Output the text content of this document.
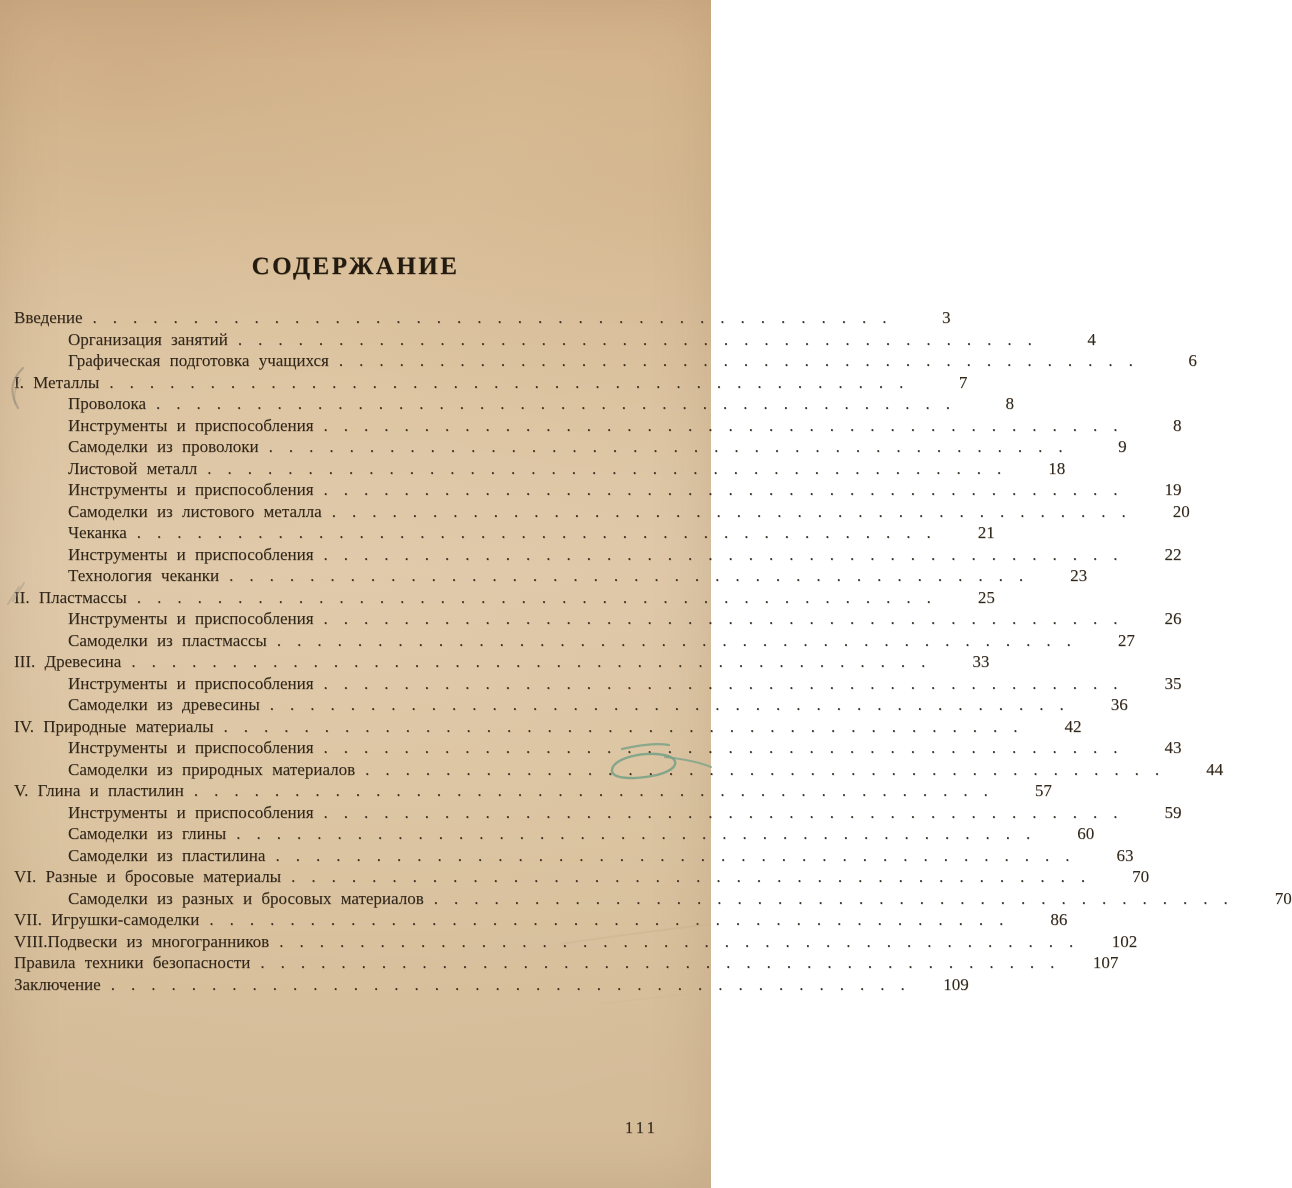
СОДЕРЖАНИЕ
Введение ........................................	3
Организация занятий ........................................	4
Графическая подготовка учащихся ........................................	6
I. Металлы ........................................	7
Проволока ........................................	8
Инструменты и приспособления ........................................	8
Самоделки из проволоки ........................................	9
Листовой металл ........................................	18
Инструменты и приспособления ........................................	19
Самоделки из листового металла ........................................	20
Чеканка ........................................	21
Инструменты и приспособления ........................................	22
Технология чеканки ........................................	23
II. Пластмассы ........................................	25
Инструменты и приспособления ........................................	26
Самоделки из пластмассы ........................................	27
III. Древесина ........................................	33
Инструменты и приспособления ........................................	35
Самоделки из древесины ........................................	36
IV. Природные материалы ........................................	42
Инструменты и приспособления ........................................	43
Самоделки из природных материалов ........................................	44
V. Глина и пластилин ........................................	57
Инструменты и приспособления ........................................	59
Самоделки из глины ........................................	60
Самоделки из пластилина ........................................	63
VI. Разные и бросовые материалы ........................................	70
Самоделки из разных и бросовых материалов ........................................	70
VII. Игрушки-самоделки ........................................	86
VIII.Подвески из многогранников ........................................	102
Правила техники безопасности ........................................	107
Заключение ........................................	109
111
